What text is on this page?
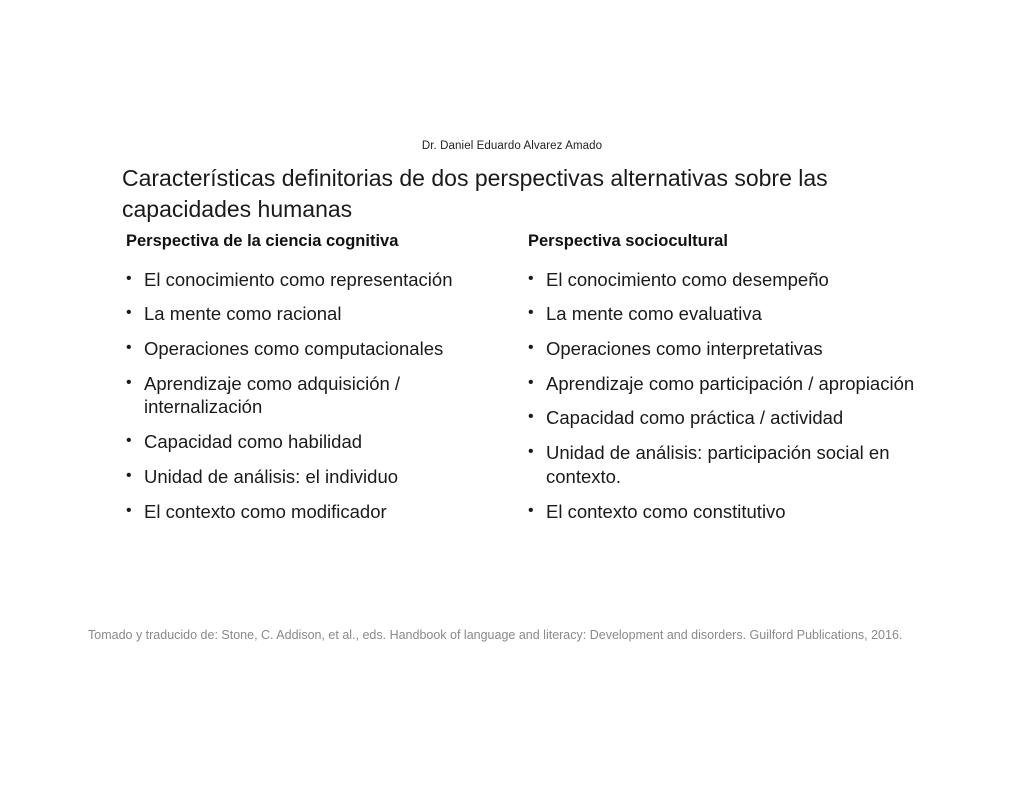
Dr. Daniel Eduardo Alvarez Amado
Características definitorias de dos perspectivas alternativas sobre las capacidades humanas
Perspectiva de la ciencia cognitiva
• El conocimiento como representación
• La mente como racional
• Operaciones como computacionales
• Aprendizaje como adquisición / internalización
• Capacidad como habilidad
• Unidad de análisis: el individuo
• El contexto como modificador
Perspectiva sociocultural
• El conocimiento como desempeño
• La mente como evaluativa
• Operaciones como interpretativas
• Aprendizaje como participación / apropiación
• Capacidad como práctica / actividad
• Unidad de análisis: participación social en contexto.
• El contexto como constitutivo
Tomado y traducido de: Stone, C. Addison, et al., eds. Handbook of language and literacy: Development and disorders. Guilford Publications, 2016.
